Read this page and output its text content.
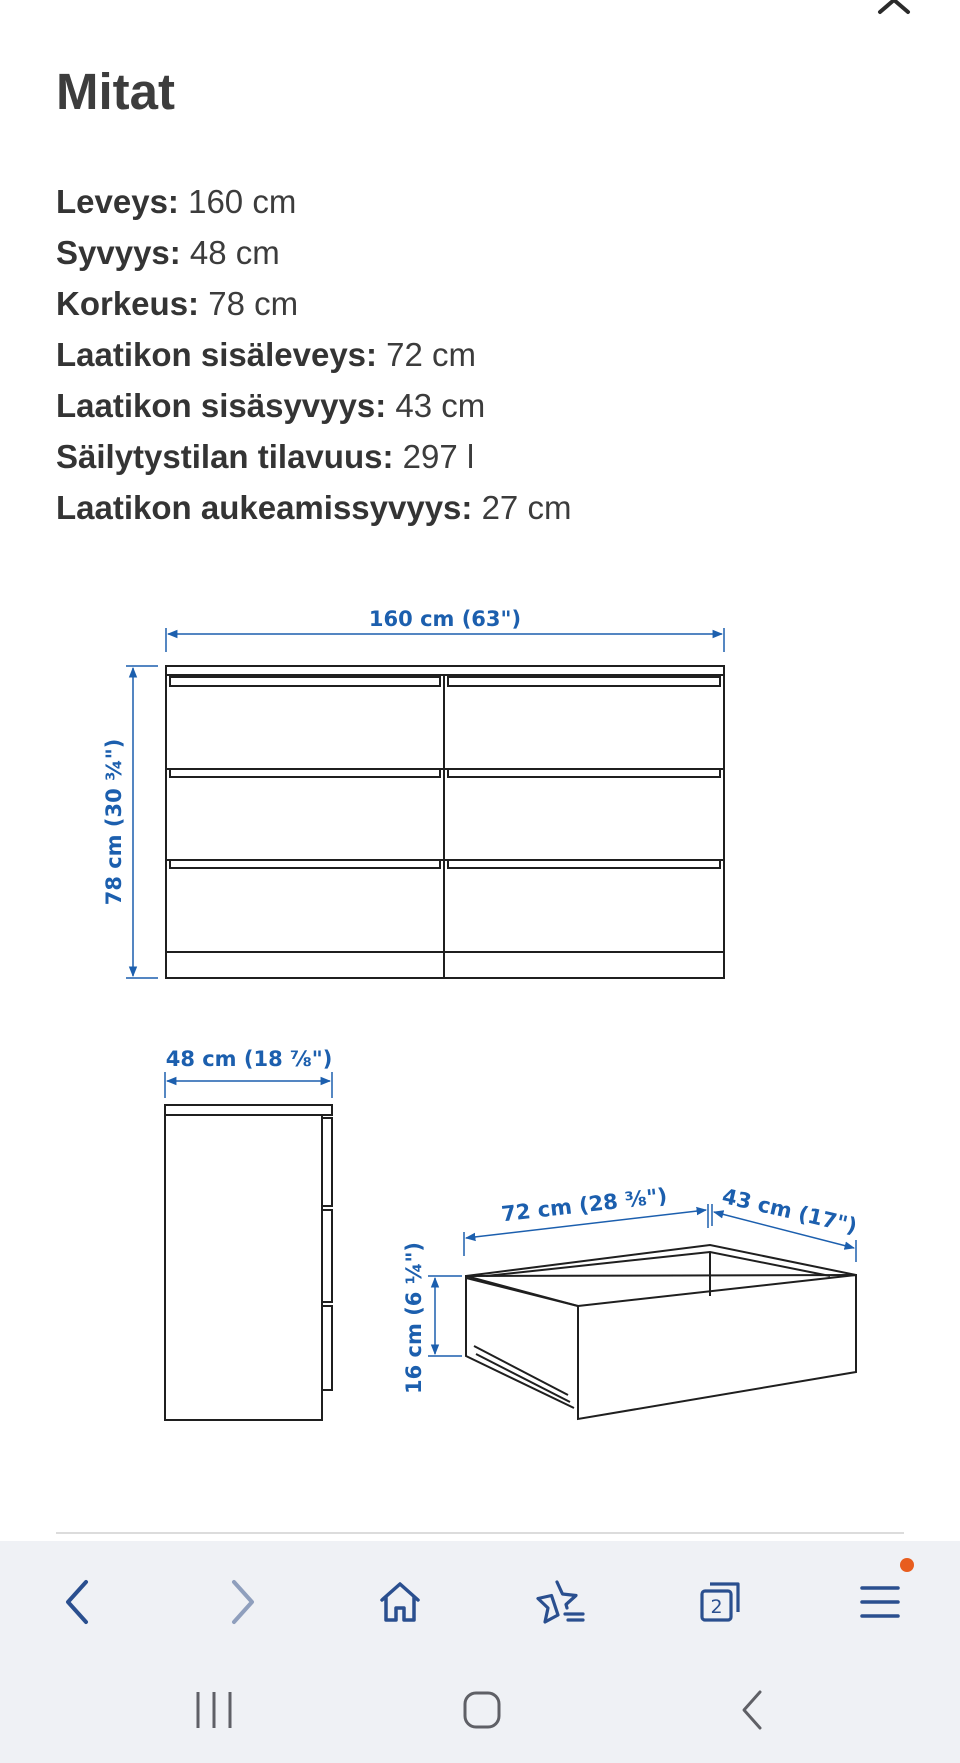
Mitat
Leveys: 160 cm
Syvyys: 48 cm
Korkeus: 78 cm
Laatikon sisäleveys: 72 cm
Laatikon sisäsyvyys: 43 cm
Säilytystilan tilavuus: 297 l
Laatikon aukeamissyvyys: 27 cm
160 cm (63")
78 cm (30 ¾")
48 cm (18 ⅞")
72 cm (28 ⅜") 43 cm (17")
16 cm (6 ¼")
2
